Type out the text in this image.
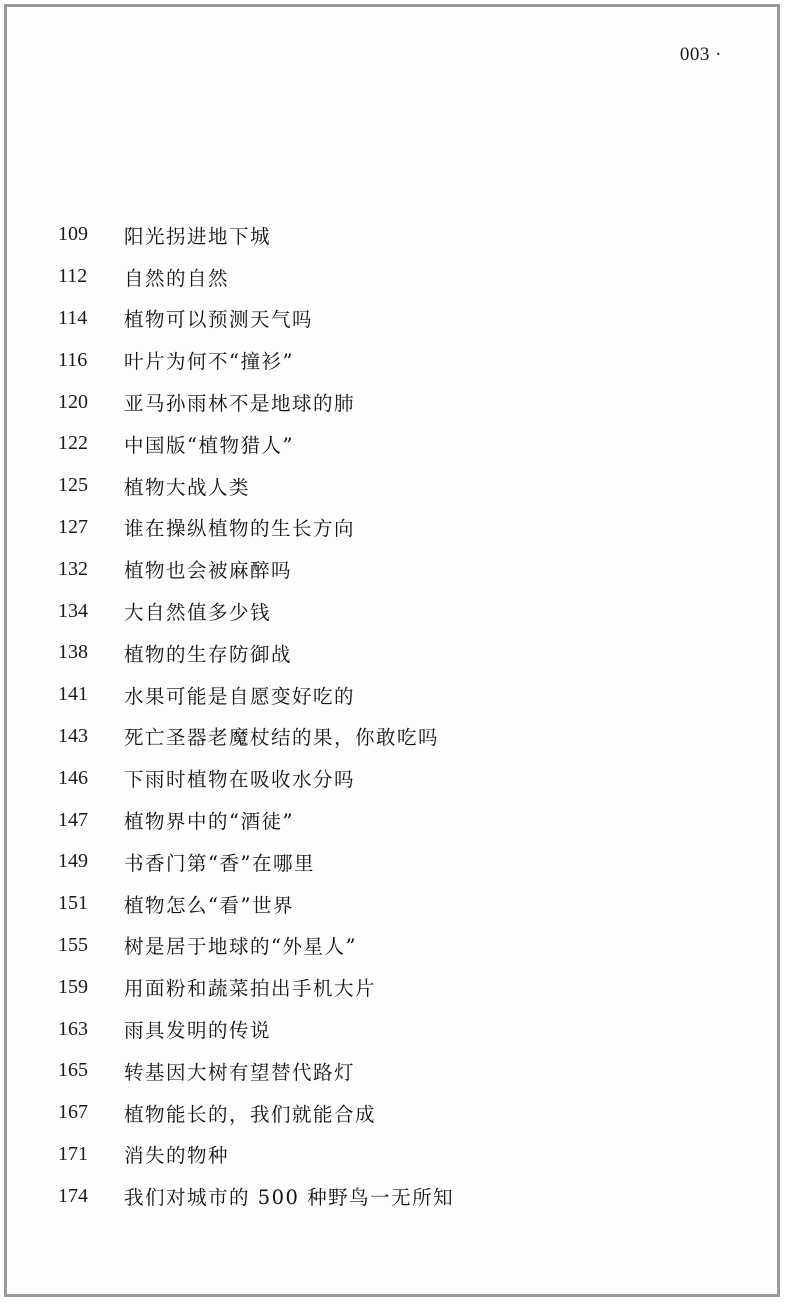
003 ·
109	阳光拐进地下城
112	自然的自然
114	植物可以预测天气吗
116	叶片为何不“撞衫”
120	亚马孙雨林不是地球的肺
122	中国版“植物猎人”
125	植物大战人类
127	谁在操纵植物的生长方向
132	植物也会被麻醉吗
134	大自然值多少钱
138	植物的生存防御战
141	水果可能是自愿变好吃的
143	死亡圣器老魔杖结的果，你敢吃吗
146	下雨时植物在吸收水分吗
147	植物界中的“酒徒”
149	书香门第“香”在哪里
151	植物怎么“看”世界
155	树是居于地球的“外星人”
159	用面粉和蔬菜拍出手机大片
163	雨具发明的传说
165	转基因大树有望替代路灯
167	植物能长的，我们就能合成
171	消失的物种
174	我们对城市的 500 种野鸟一无所知
